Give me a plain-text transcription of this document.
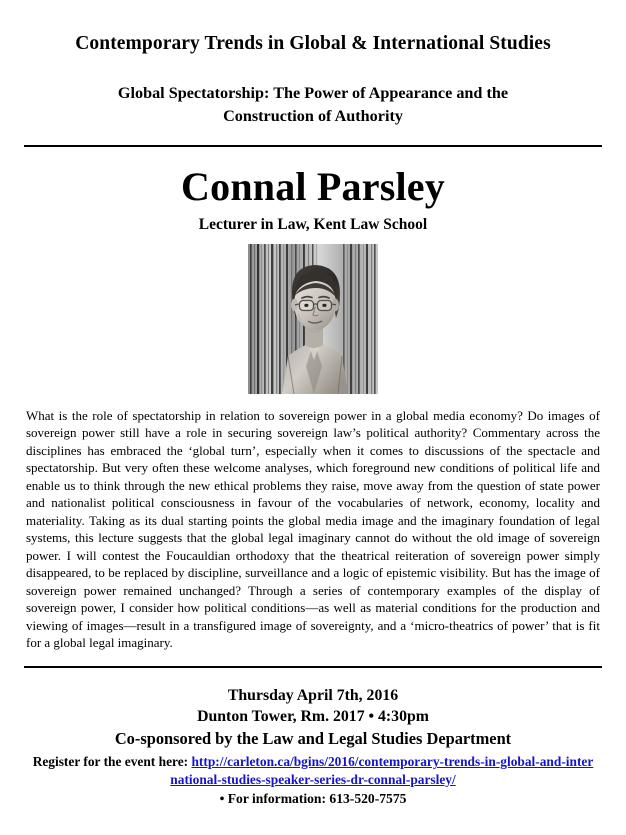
Contemporary Trends in Global & International Studies
Global Spectatorship: The Power of Appearance and the
Construction of Authority
Connal Parsley
Lecturer in Law, Kent Law School

What is the role of spectatorship in relation to sovereign power in a global media economy? Do images of sovereign power still have a role in securing sovereign law’s political authority? Commentary across the disciplines has embraced the ‘global turn’, especially when it comes to discussions of the spectacle and spectatorship. But very often these welcome analyses, which foreground new conditions of political life and enable us to think through the new ethical problems they raise, move away from the question of state power and nationalist political consciousness in favour of the vocabularies of network, economy, locality and materiality. Taking as its dual starting points the global media image and the imaginary foundation of legal systems, this lecture suggests that the global legal imaginary cannot do without the old image of sovereign power. I will contest the Foucauldian orthodoxy that the theatrical reiteration of sovereign power simply disappeared, to be replaced by discipline, surveillance and a logic of epistemic visibility. But has the image of sovereign power remained unchanged? Through a series of contemporary examples of the display of sovereign power, I consider how political conditions—as well as material conditions for the production and viewing of images—result in a transfigured image of sovereignty, and a ‘micro-theatrics of power’ that is fit for a global legal imaginary.

Thursday April 7th, 2016
Dunton Tower, Rm. 2017 • 4:30pm
Co-sponsored by the Law and Legal Studies Department
Register for the event here: http://carleton.ca/bgins/2016/contemporary-trends-in-global-and-international-studies-speaker-series-dr-connal-parsley/
• For information: 613-520-7575
